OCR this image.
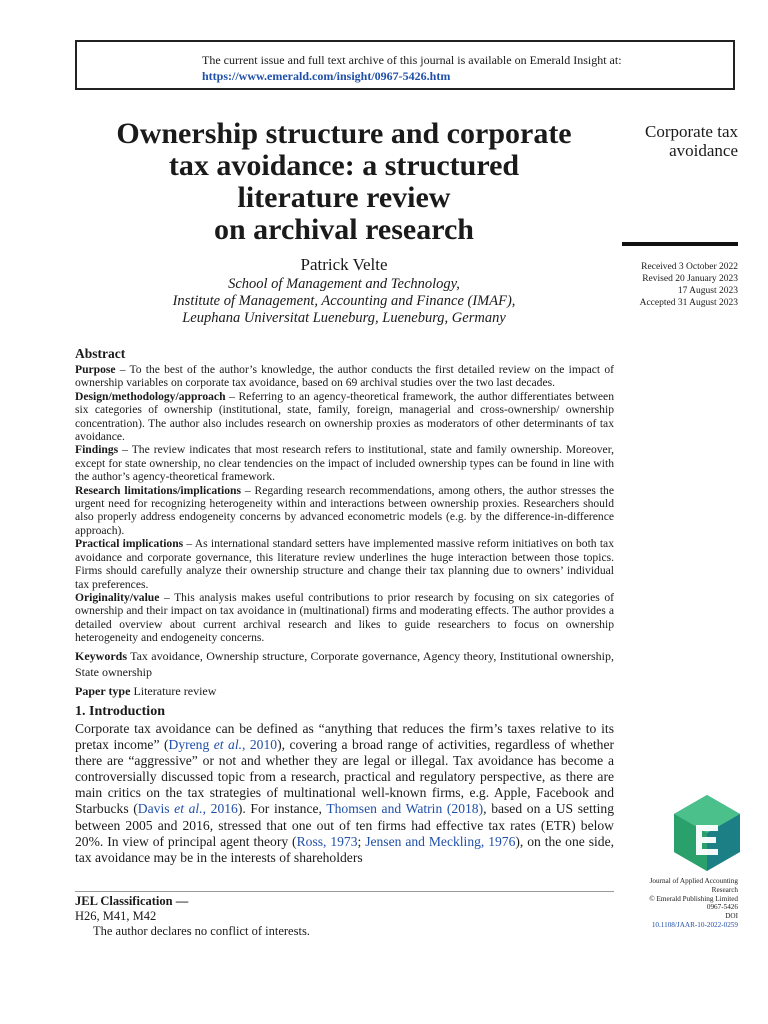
The current issue and full text archive of this journal is available on Emerald Insight at:
https://www.emerald.com/insight/0967-5426.htm
Ownership structure and corporate
tax avoidance: a structured
literature review
on archival research
Corporate tax
avoidance
Received 3 October 2022
Revised 20 January 2023
17 August 2023
Accepted 31 August 2023
Patrick Velte
School of Management and Technology,
Institute of Management, Accounting and Finance (IMAF),
Leuphana Universitat Lueneburg, Lueneburg, Germany
Abstract

Purpose – To the best of the author’s knowledge, the author conducts the first detailed review on the impact of ownership variables on corporate tax avoidance, based on 69 archival studies over the two last decades.

Design/methodology/approach – Referring to an agency-theoretical framework, the author differentiates between six categories of ownership (institutional, state, family, foreign, managerial and cross-ownership/ ownership concentration). The author also includes research on ownership proxies as moderators of other determinants of tax avoidance.

Findings – The review indicates that most research refers to institutional, state and family ownership. Moreover, except for state ownership, no clear tendencies on the impact of included ownership types can be found in line with the author’s agency-theoretical framework.

Research limitations/implications – Regarding research recommendations, among others, the author stresses the urgent need for recognizing heterogeneity within and interactions between ownership proxies. Researchers should also properly address endogeneity concerns by advanced econometric models (e.g. by the difference-in-difference approach).

Practical implications – As international standard setters have implemented massive reform initiatives on both tax avoidance and corporate governance, this literature review underlines the huge interaction between those topics. Firms should carefully analyze their ownership structure and change their tax planning due to owners’ individual tax preferences.

Originality/value – This analysis makes useful contributions to prior research by focusing on six categories of ownership and their impact on tax avoidance in (multinational) firms and moderating effects. The author provides a detailed overview about current archival research and likes to guide researchers to focus on ownership heterogeneity and endogeneity concerns.

Keywords Tax avoidance, Ownership structure, Corporate governance, Agency theory, Institutional ownership, State ownership

Paper type Literature review

1. Introduction

Corporate tax avoidance can be defined as “anything that reduces the firm’s taxes relative to its pretax income” (Dyreng et al., 2010), covering a broad range of activities, regardless of whether there are “aggressive” or not and whether they are legal or illegal. Tax avoidance has become a controversially discussed topic from a research, practical and regulatory perspective, as there are main critics on the tax strategies of multinational well-known firms, e.g. Apple, Facebook and Starbucks (Davis et al., 2016). For instance, Thomsen and Watrin (2018), based on a US setting between 2005 and 2016, stressed that one out of ten firms had effective tax rates (ETR) below 20%. In view of principal agent theory (Ross, 1973; Jensen and Meckling, 1976), on the one side, tax avoidance may be in the interests of shareholders

Journal of Applied Accounting
Research
© Emerald Publishing Limited
0967-5426
DOI
10.1108/JAAR-10-2022-0259
JEL Classification —
H26, M41, M42
The author declares no conflict of interests.
